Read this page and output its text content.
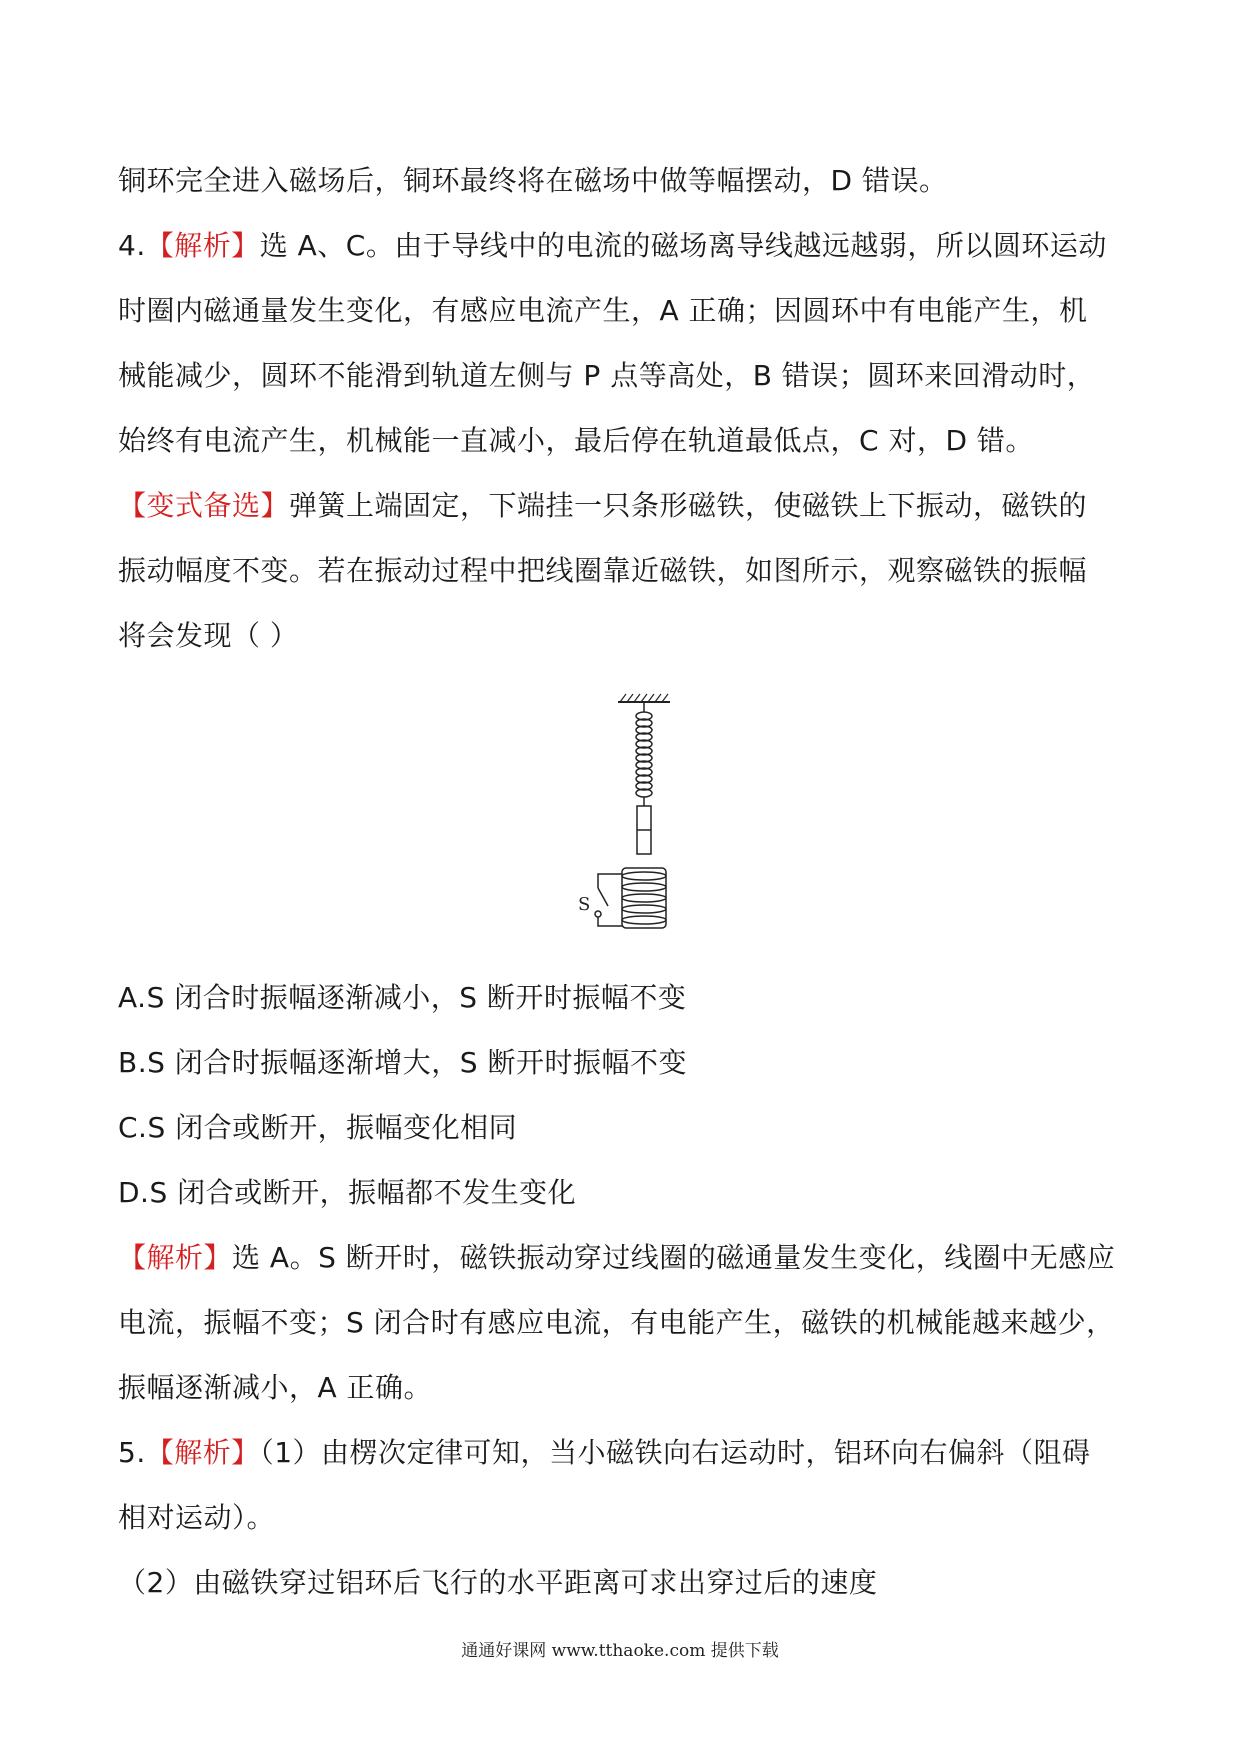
铜环完全进入磁场后，铜环最终将在磁场中做等幅摆动，D 错误。
4.【解析】选 A、C。由于导线中的电流的磁场离导线越远越弱，所以圆环运动
时圈内磁通量发生变化，有感应电流产生，A 正确；因圆环中有电能产生，机
械能减少，圆环不能滑到轨道左侧与 P 点等高处，B 错误；圆环来回滑动时，
始终有电流产生，机械能一直减小，最后停在轨道最低点，C 对，D 错。
【变式备选】弹簧上端固定，下端挂一只条形磁铁，使磁铁上下振动，磁铁的
振动幅度不变。若在振动过程中把线圈靠近磁铁，如图所示，观察磁铁的振幅
将会发现（ ）
S
A.S 闭合时振幅逐渐减小，S 断开时振幅不变
B.S 闭合时振幅逐渐增大，S 断开时振幅不变
C.S 闭合或断开，振幅变化相同
D.S 闭合或断开，振幅都不发生变化
【解析】选 A。S 断开时，磁铁振动穿过线圈的磁通量发生变化，线圈中无感应
电流，振幅不变；S 闭合时有感应电流，有电能产生，磁铁的机械能越来越少，
振幅逐渐减小，A 正确。
5.【解析】（1）由楞次定律可知，当小磁铁向右运动时，铝环向右偏斜（阻碍
相对运动）。
（2）由磁铁穿过铝环后飞行的水平距离可求出穿过后的速度
通通好课网 www.tthaoke.com 提供下载
